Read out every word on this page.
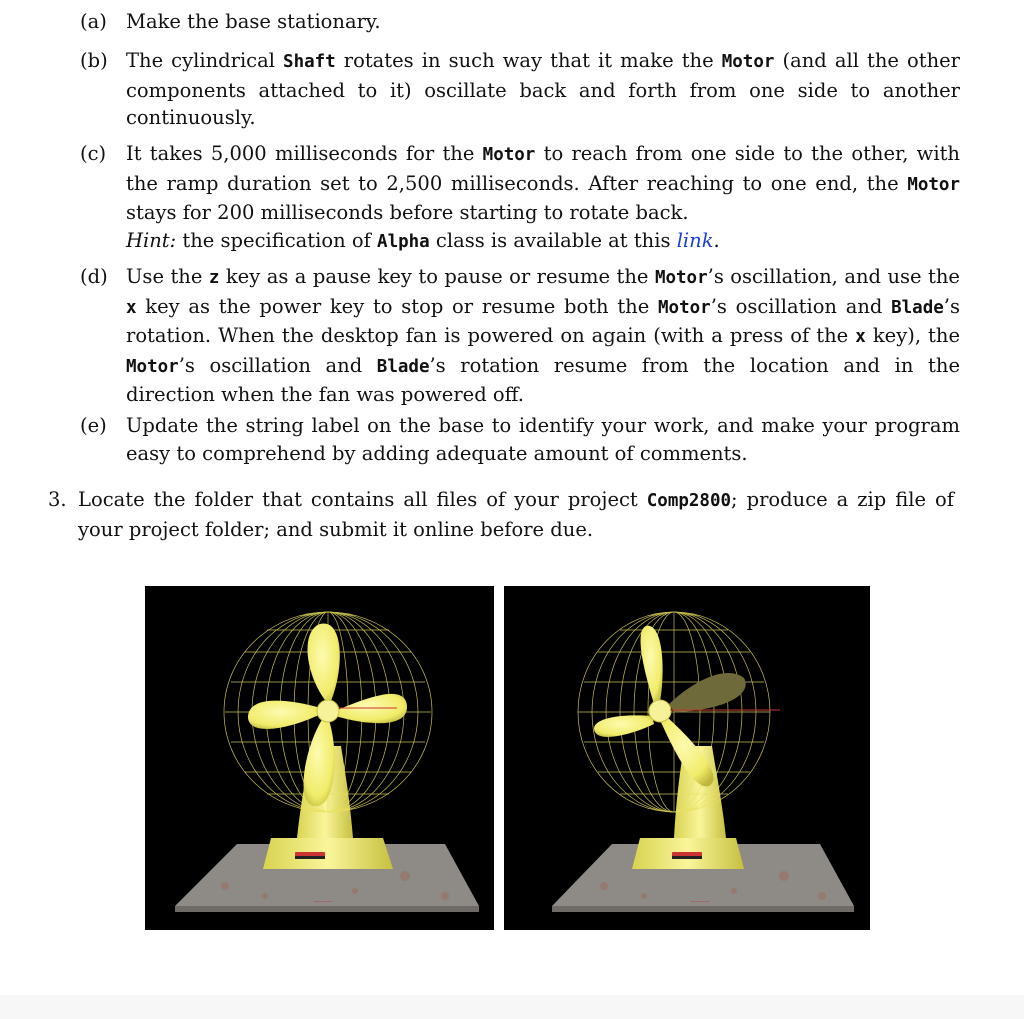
(a) Make the base stationary.
(b) The cylindrical Shaft rotates in such way that it make the Motor (and all the other components attached to it) oscillate back and forth from one side to another continuously.
(c)	It takes 5,000 milliseconds for the Motor to reach from one side to the other, with the ramp duration set to 2,500 milliseconds. After reaching to one end, the Motor stays for 200 milliseconds before starting to rotate back.
Hint: the specification of Alpha class is available at this link.
(d) Use the z key as a pause key to pause or resume the Motor’s oscillation, and use the x key as the power key to stop or resume both the Motor’s oscillation and Blade’s rotation. When the desktop fan is powered on again (with a press of the x key), the Motor’s oscillation and Blade’s rotation resume from the location and in the direction when the fan was powered off.
(e) Update the string label on the base to identify your work, and make your program easy to comprehend by adding adequate amount of comments.
3. Locate the folder that contains all files of your project Comp2800; produce a zip file of your project folder; and submit it online before due.
~~~~	~~~~
